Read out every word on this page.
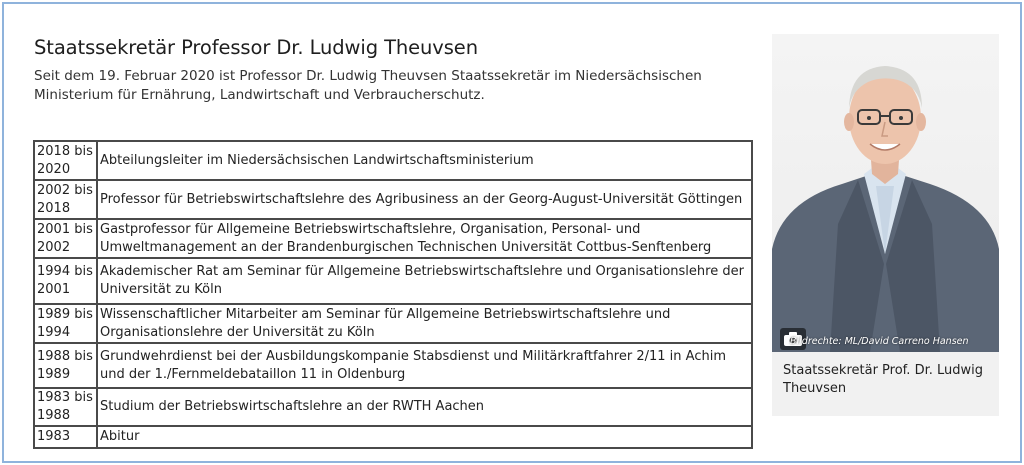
Staatssekretär Professor Dr. Ludwig Theuvsen

Seit dem 19. Februar 2020 ist Professor Dr. Ludwig Theuvsen Staatssekretär im Niedersächsischen Ministerium für Ernährung, Landwirtschaft und Verbraucherschutz.

2018 bis 2020	Abteilungsleiter im Niedersächsischen Landwirtschaftsministerium
2002 bis 2018	Professor für Betriebswirtschaftslehre des Agribusiness an der Georg-August-Universität Göttingen
2001 bis 2002	Gastprofessor für Allgemeine Betriebswirtschaftslehre, Organisation, Personal- und Umweltmanagement an der Brandenburgischen Technischen Universität Cottbus-Senftenberg
1994 bis 2001	Akademischer Rat am Seminar für Allgemeine Betriebswirtschaftslehre und Organisationslehre der Universität zu Köln
1989 bis 1994	Wissenschaftlicher Mitarbeiter am Seminar für Allgemeine Betriebswirtschaftslehre und Organisationslehre der Universität zu Köln
1988 bis 1989	Grundwehrdienst bei der Ausbildungskompanie Stabsdienst und Militärkraftfahrer 2/11 in Achim und der 1./Fernmeldebataillon 11 in Oldenburg
1983 bis 1988	Studium der Betriebswirtschaftslehre an der RWTH Aachen
1983	Abitur
Bildrechte: ML/David Carreno Hansen
Staatssekretär Prof. Dr. Ludwig Theuvsen
